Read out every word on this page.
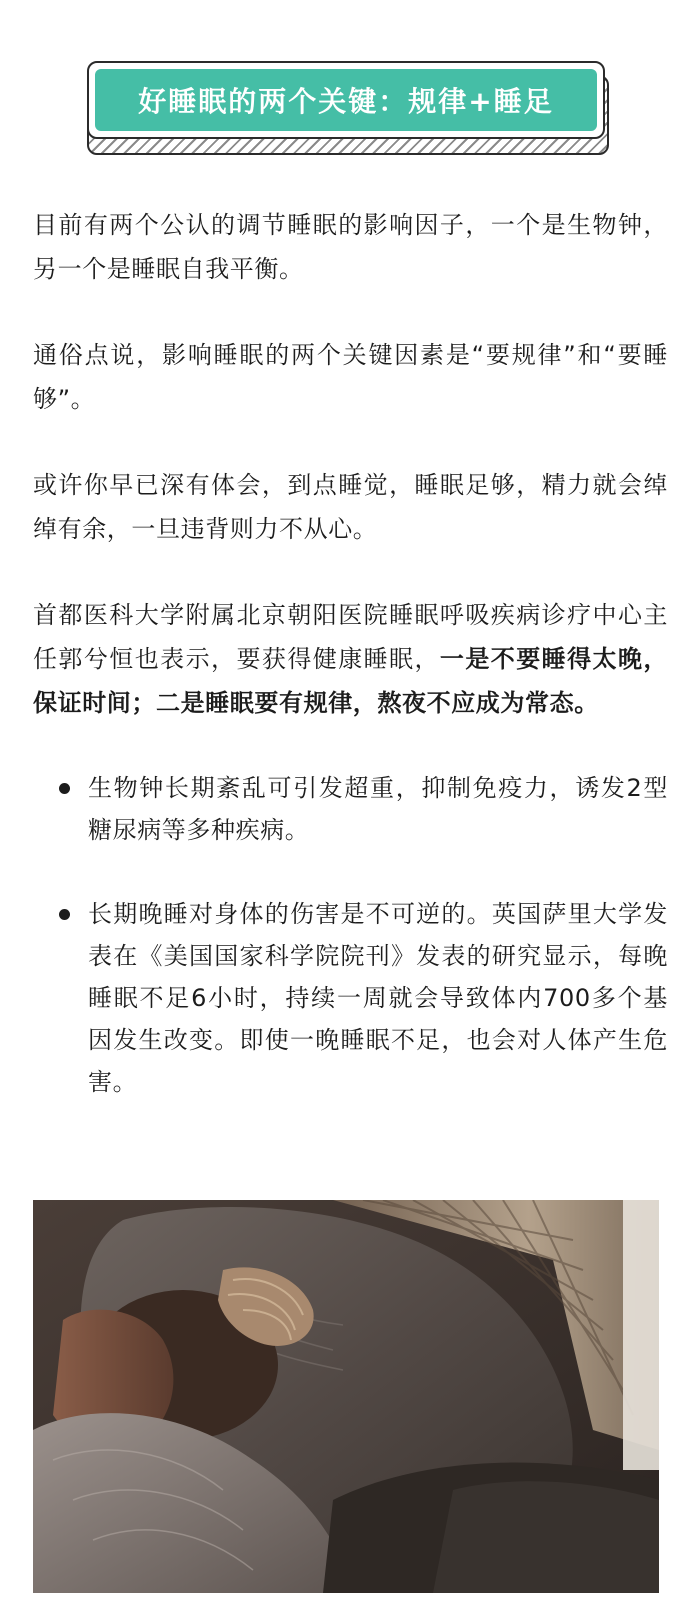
好睡眠的两个关键：规律+睡足

目前有两个公认的调节睡眠的影响因子，一个是生物钟，另一个是睡眠自我平衡。

通俗点说，影响睡眠的两个关键因素是“要规律”和“要睡够”。

或许你早已深有体会，到点睡觉，睡眠足够，精力就会绰绰有余，一旦违背则力不从心。

首都医科大学附属北京朝阳医院睡眠呼吸疾病诊疗中心主任郭兮恒也表示，要获得健康睡眠，一是不要睡得太晚，保证时间；二是睡眠要有规律，熬夜不应成为常态。

生物钟长期紊乱可引发超重，抑制免疫力，诱发2型糖尿病等多种疾病。
长期晚睡对身体的伤害是不可逆的。英国萨里大学发表在《美国国家科学院院刊》发表的研究显示，每晚睡眠不足6小时，持续一周就会导致体内700多个基因发生改变。即使一晚睡眠不足，也会对人体产生危害。
